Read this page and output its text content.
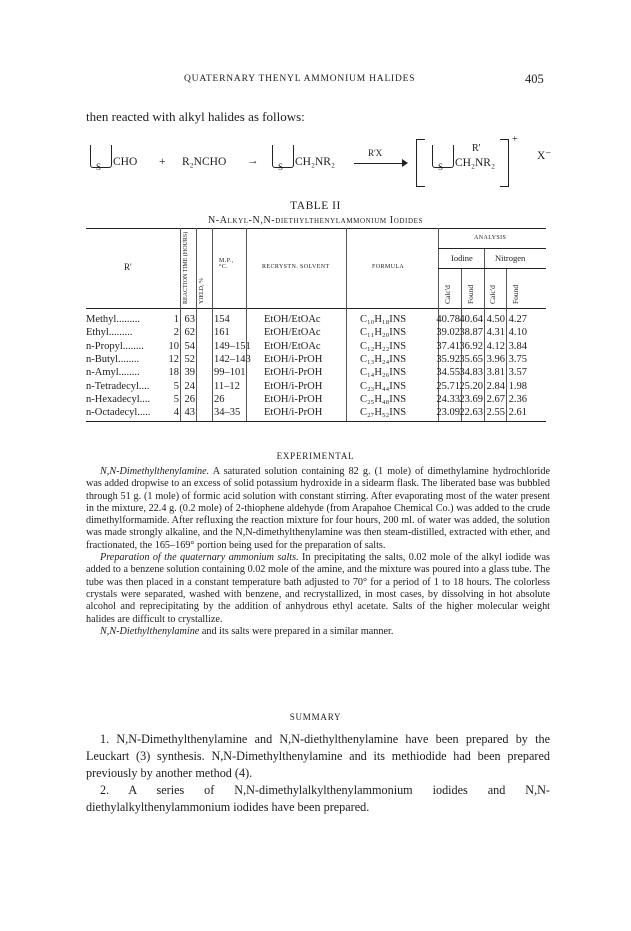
QUATERNARY THENYL AMMONIUM HALIDES	405
then reacted with alkyl halides as follows:
S CHO + R₂NCHO → S CH₂NR₂
R'X
S
R'
CH₂NR₂
+
X⁻
TABLE II
N-Alkyl-N,N-diethylthenylammonium Iodides
R'	REACTION TIME (HOURS) YIELD, %
M.P., °C.	RECRYSTN. SOLVENT	FORMULA
ANALYSIS
Iodine	Nitrogen
Calc'd Found Calc'd Found
Methyl.........	1 63 154	EtOH/EtOAc	C₁₀H₁₈INS	40.78 40.64 4.50 4.27
Ethyl.........	2 62 161	EtOH/EtOAc	C₁₁H₂₀INS	39.02 38.87 4.31 4.10
n-Propyl........ 10 54 149–151 EtOH/EtOAc	C₁₂H₂₂INS	37.41 36.92 4.12 3.84
n-Butyl........	12 52 142–143 EtOH/i-PrOH	C₁₃H₂₄INS	35.92 35.65 3.96 3.75
n-Amyl........	18 39 99–101 EtOH/i-PrOH	C₁₄H₂₆INS	34.55 34.83 3.81 3.57
n-Tetradecyl.... 5 24 11–12 EtOH/i-PrOH	C₂₃H₄₄INS	25.71 25.20 2.84 1.98
n-Hexadecyl.... 5 26 26	EtOH/i-PrOH	C₂₅H₄₈INS	24.33 23.69 2.67 2.36
n-Octadecyl..... 4 43 34–35 EtOH/i-PrOH	C₂₇H₅₂INS	23.09 22.63 2.55 2.61
EXPERIMENTAL

N,N-Dimethylthenylamine. A saturated solution containing 82 g. (1 mole) of dimethylamine hydrochloride was added dropwise to an excess of solid potassium hydroxide in a sidearm flask. The liberated base was bubbled through 51 g. (1 mole) of formic acid solution with constant stirring. After evaporating most of the water present in the mixture, 22.4 g. (0.2 mole) of 2-thiophene aldehyde (from Arapahoe Chemical Co.) was added to the crude dimethylformamide. After refluxing the reaction mixture for four hours, 200 ml. of water was added, the solution was made strongly alkaline, and the N,N-dimethylthenylamine was then steam-distilled, extracted with ether, and fractionated, the 165–169° portion being used for the preparation of salts.

Preparation of the quaternary ammonium salts. In precipitating the salts, 0.02 mole of the alkyl iodide was added to a benzene solution containing 0.02 mole of the amine, and the mixture was poured into a glass tube. The tube was then placed in a constant temperature bath adjusted to 70° for a period of 1 to 18 hours. The colorless crystals were separated, washed with benzene, and recrystallized, in most cases, by dissolving in hot absolute alcohol and reprecipitating by the addition of anhydrous ethyl acetate. Salts of the higher molecular weight halides are difficult to crystallize.

N,N-Diethylthenylamine and its salts were prepared in a similar manner.

SUMMARY

1. N,N-Dimethylthenylamine and N,N-diethylthenylamine have been prepared by the Leuckart (3) synthesis. N,N-Dimethylthenylamine and its methiodide had been prepared previously by another method (4).

2. A series of N,N-dimethylalkylthenylammonium iodides and N,N-diethylalkylthenylammonium iodides have been prepared.
